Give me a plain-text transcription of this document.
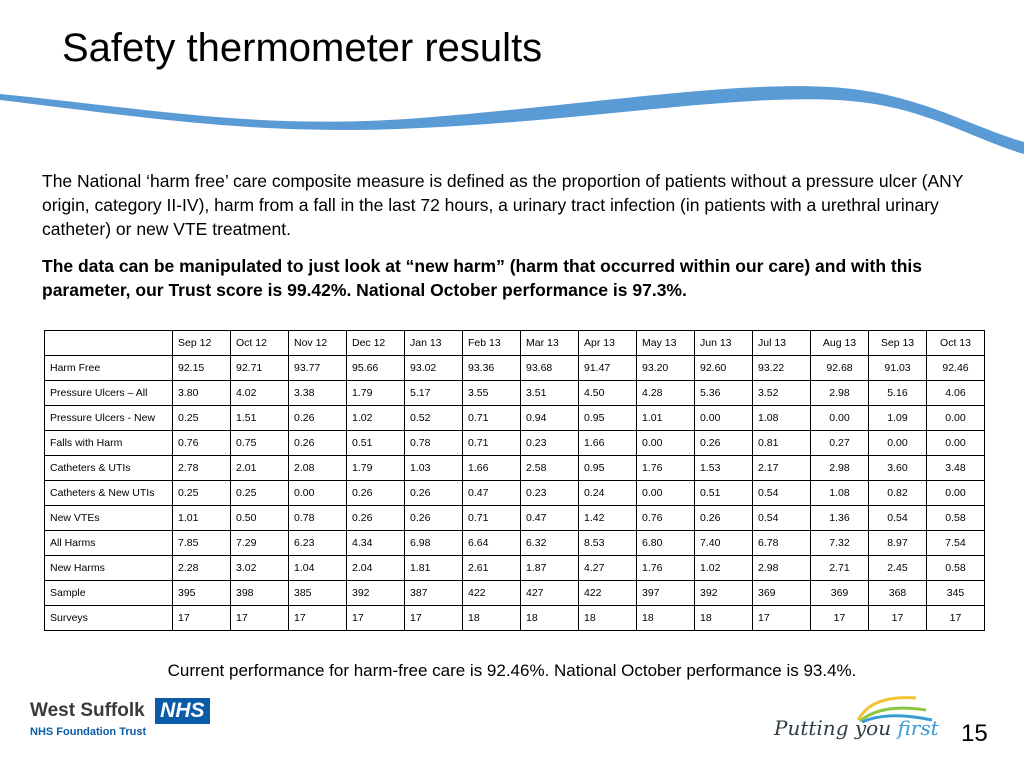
Safety thermometer results

The National ‘harm free’ care composite measure is defined as the proportion of patients without a pressure ulcer (ANY origin, category II-IV), harm from a fall in the last 72 hours, a urinary tract infection (in patients with a urethral urinary catheter) or new VTE treatment.

The data can be manipulated to just look at “new harm” (harm that occurred within our care) and with this parameter, our Trust score is 99.42%. National October performance is 97.3%.

	Sep 12	Oct 12	Nov 12	Dec 12	Jan 13	Feb 13	Mar 13	Apr 13	May 13	Jun 13	Jul 13	Aug 13	Sep 13	Oct 13
Harm Free	92.15	92.71	93.77	95.66	93.02	93.36	93.68	91.47	93.20	92.60	93.22	92.68	91.03	92.46
Pressure Ulcers – All	3.80	4.02	3.38	1.79	5.17	3.55	3.51	4.50	4.28	5.36	3.52	2.98	5.16	4.06
Pressure Ulcers - New	0.25	1.51	0.26	1.02	0.52	0.71	0.94	0.95	1.01	0.00	1.08	0.00	1.09	0.00
Falls with Harm	0.76	0.75	0.26	0.51	0.78	0.71	0.23	1.66	0.00	0.26	0.81	0.27	0.00	0.00
Catheters & UTIs	2.78	2.01	2.08	1.79	1.03	1.66	2.58	0.95	1.76	1.53	2.17	2.98	3.60	3.48
Catheters & New UTIs	0.25	0.25	0.00	0.26	0.26	0.47	0.23	0.24	0.00	0.51	0.54	1.08	0.82	0.00
New VTEs	1.01	0.50	0.78	0.26	0.26	0.71	0.47	1.42	0.76	0.26	0.54	1.36	0.54	0.58
All Harms	7.85	7.29	6.23	4.34	6.98	6.64	6.32	8.53	6.80	7.40	6.78	7.32	8.97	7.54
New Harms	2.28	3.02	1.04	2.04	1.81	2.61	1.87	4.27	1.76	1.02	2.98	2.71	2.45	0.58
Sample	395	398	385	392	387	422	427	422	397	392	369	369	368	345
Surveys	17	17	17	17	17	18	18	18	18	18	17	17	17	17

Current performance for harm-free care is 92.46%. National October performance is 93.4%.

West Suffolk NHS
NHS Foundation Trust	Putting you first 15
